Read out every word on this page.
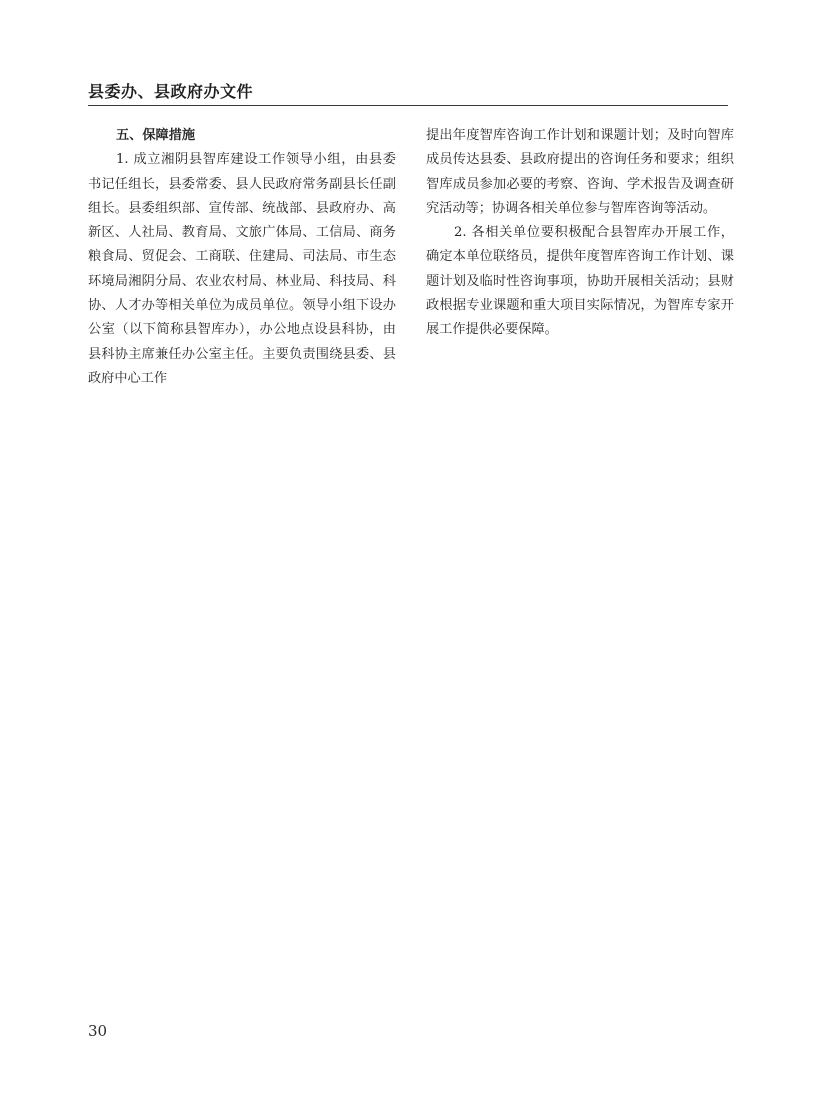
县委办、县政府办文件

五、保障措施

1. 成立湘阴县智库建设工作领导小组，由县委书记任组长，县委常委、县人民政府常务副县长任副组长。县委组织部、宣传部、统战部、县政府办、高新区、人社局、教育局、文旅广体局、工信局、商务粮食局、贸促会、工商联、住建局、司法局、市生态环境局湘阴分局、农业农村局、林业局、科技局、科协、人才办等相关单位为成员单位。领导小组下设办公室（以下简称县智库办），办公地点设县科协，由县科协主席兼任办公室主任。主要负责围绕县委、县政府中心工作

提出年度智库咨询工作计划和课题计划；及时向智库成员传达县委、县政府提出的咨询任务和要求；组织智库成员参加必要的考察、咨询、学术报告及调查研究活动等；协调各相关单位参与智库咨询等活动。

2. 各相关单位要积极配合县智库办开展工作，确定本单位联络员，提供年度智库咨询工作计划、课题计划及临时性咨询事项，协助开展相关活动；县财政根据专业课题和重大项目实际情况，为智库专家开展工作提供必要保障。

30
